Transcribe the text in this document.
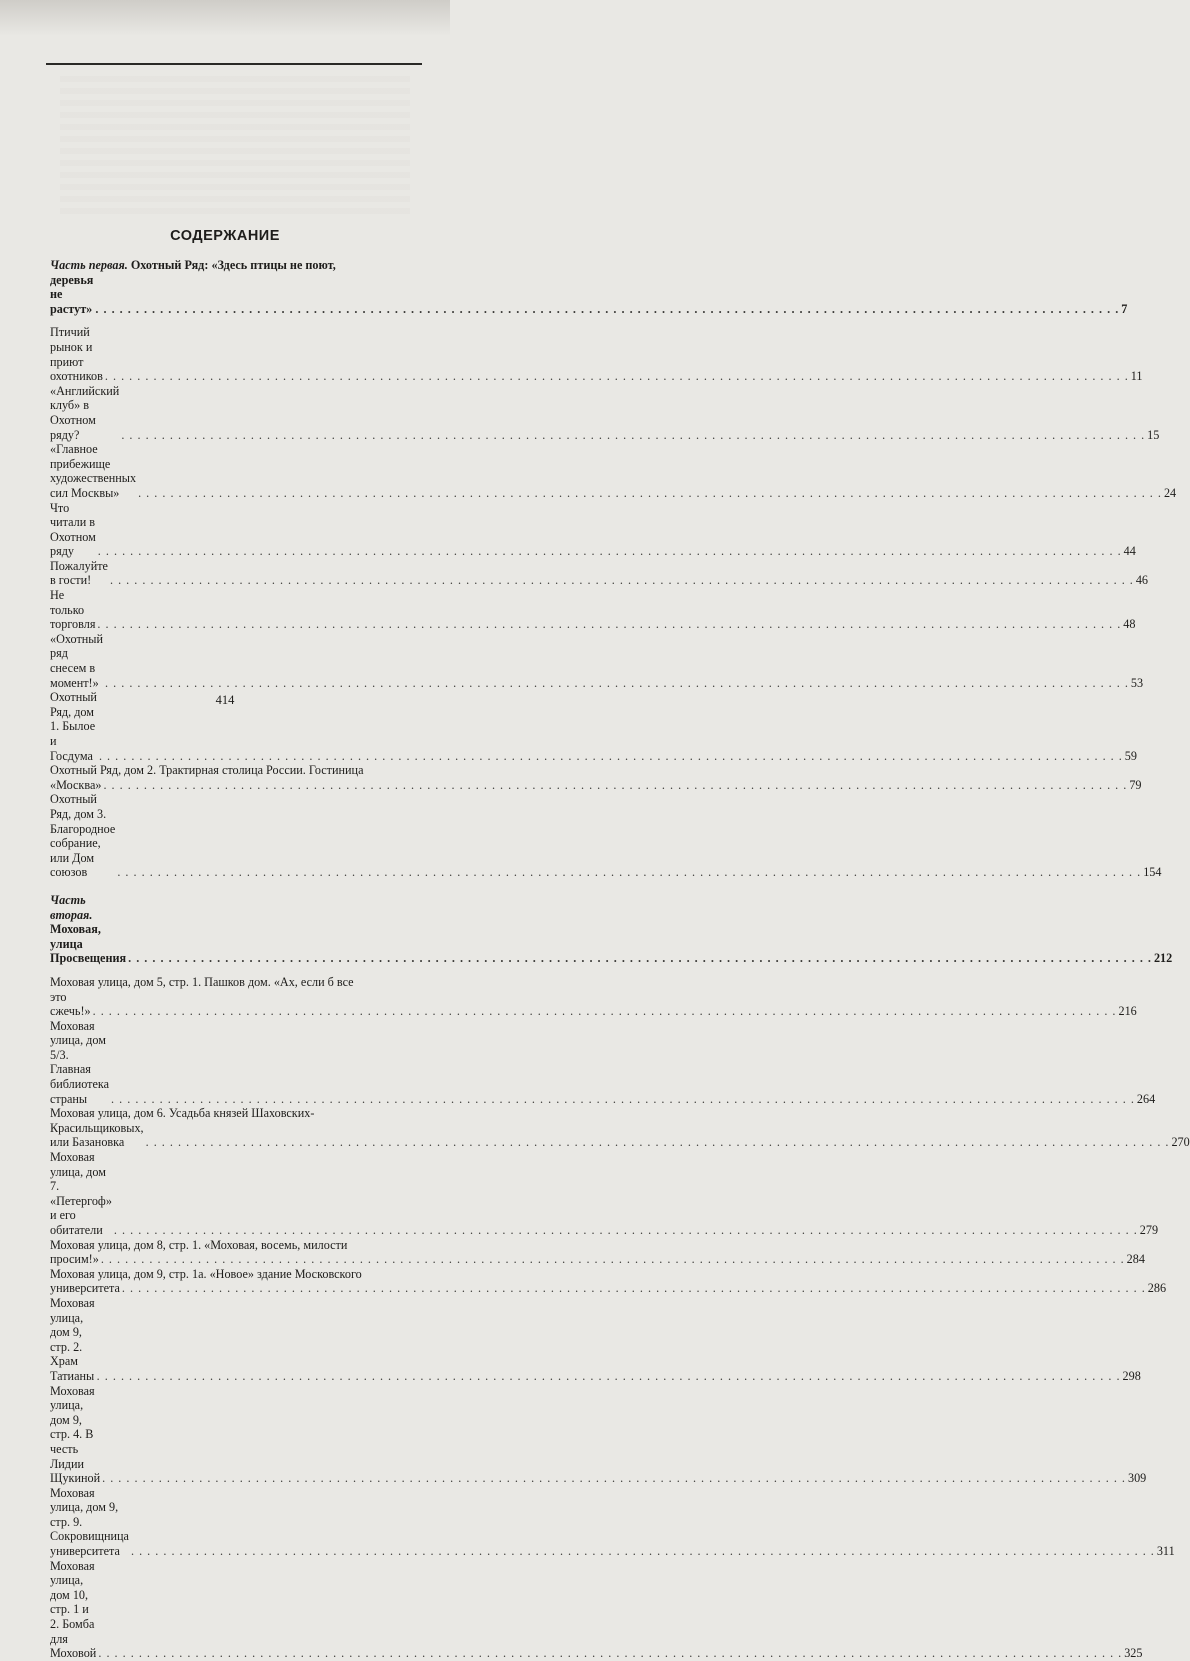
СОДЕРЖАНИЕ
Часть первая. Охотный Ряд: «Здесь птицы не поют,
деревья не растут» . . .	7
Птичий рынок и приют охотников . . .	11
«Английский клуб» в Охотном ряду? . . .	15
«Главное прибежище художественных сил Москвы» . . .	24
Что читали в Охотном ряду . . .	44
Пожалуйте в гости! . . .	46
Не только торговля . . .	48
«Охотный ряд снесем в момент!» . . .	53
Охотный Ряд, дом 1. Былое и Госдума . . .	59
Охотный Ряд, дом 2. Трактирная столица России. Гостиница
«Москва» . . .	79
Охотный Ряд, дом 3. Благородное собрание, или Дом союзов . . .	154
Часть вторая. Моховая, улица Просвещения . . .	212
Моховая улица, дом 5, стр. 1. Пашков дом. «Ах, если б все
это сжечь!» . . .	216
Моховая улица, дом 5/3. Главная библиотека страны . . .	264
Моховая улица, дом 6. Усадьба князей Шаховских-
Красильщиковых, или Базановка . . .	270
Моховая улица, дом 7. «Петергоф» и его обитатели . . .	279
Моховая улица, дом 8, стр. 1. «Моховая, восемь, милости
просим!» . . .	284
Моховая улица, дом 9, стр. 1а. «Новое» здание Московского
университета . . .	286
Моховая улица, дом 9, стр. 2. Храм Татианы . . .	298
Моховая улица, дом 9, стр. 4. В честь Лидии Щукиной . . .	309
Моховая улица, дом 9, стр. 9. Сокровищница университета . . .	311
Моховая улица, дом 10, стр. 1 и 2. Бомба для Моховой . . .	325
414
